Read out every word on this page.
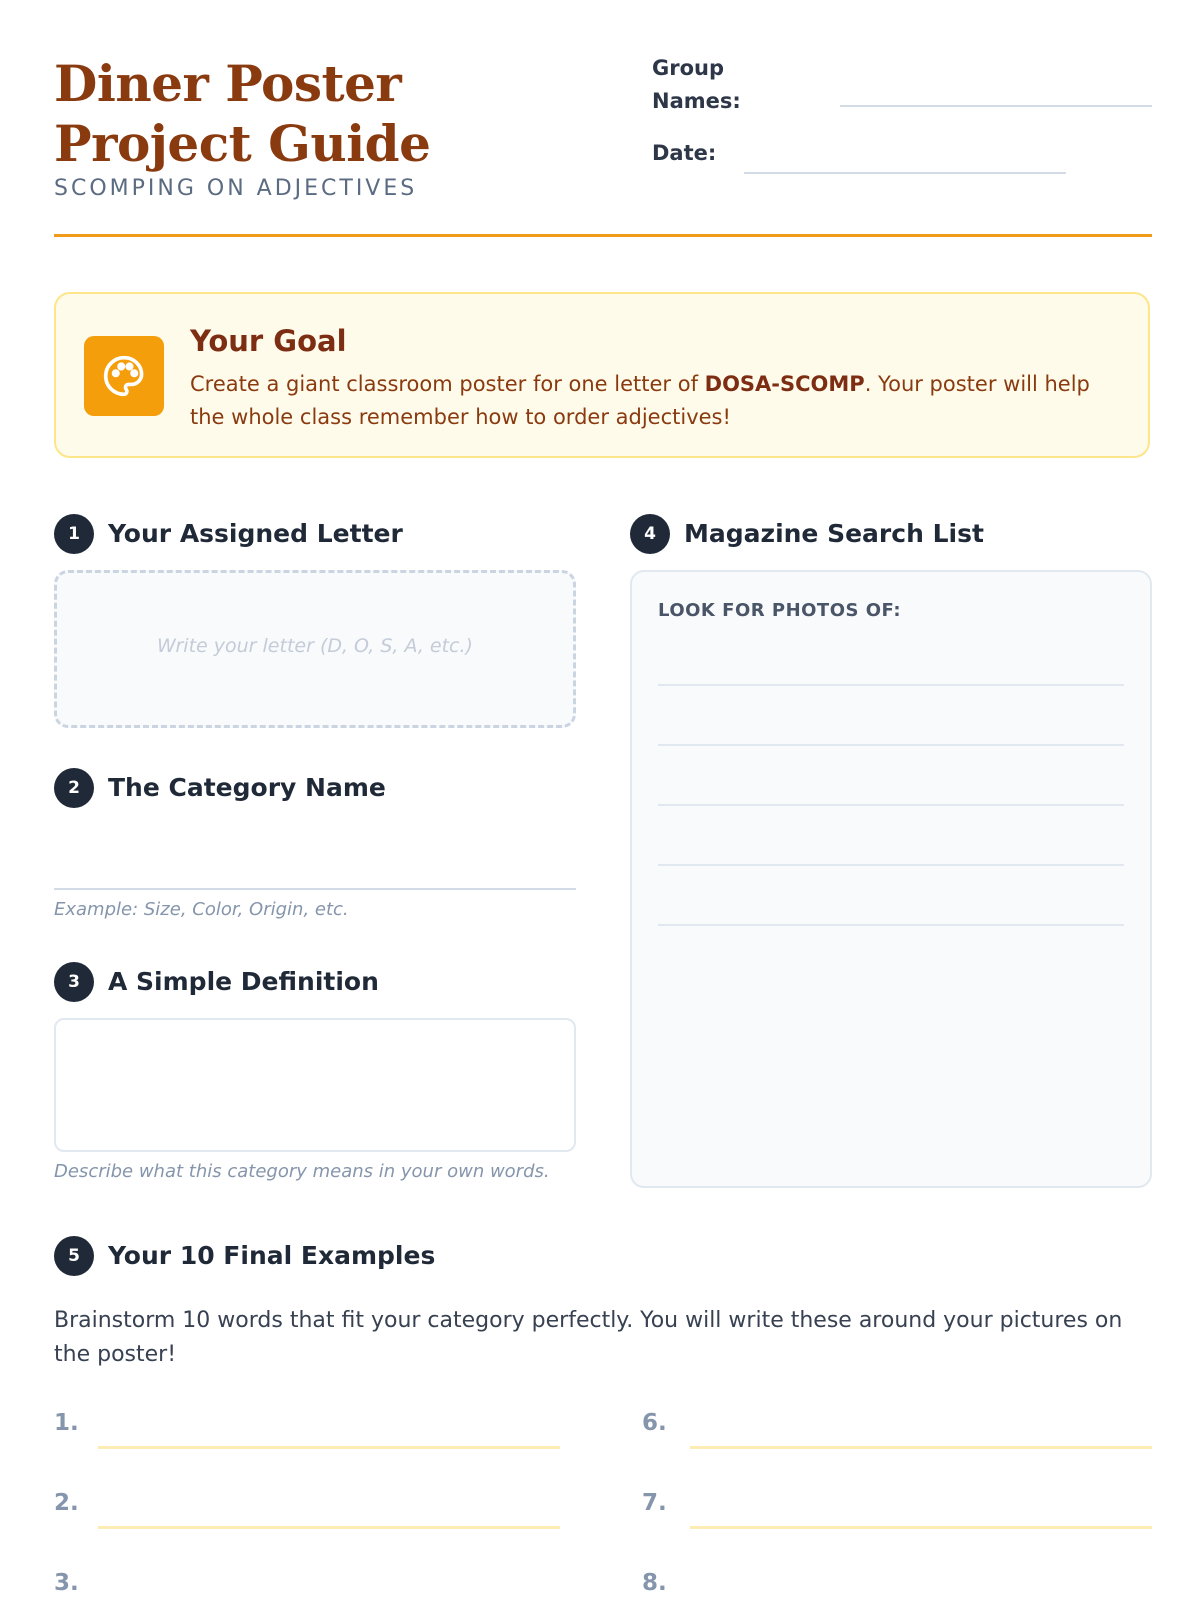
Diner Poster Project Guide

SCOMPING ON ADJECTIVES

Group
Names:
Date:
Your Goal
Create a giant classroom poster for one letter of DOSA-SCOMP. Your poster will help the whole class remember how to order adjectives!
1	Your Assigned Letter
Write your letter (D, O, S, A, etc.)
2	The Category Name
Example: Size, Color, Origin, etc.
3	A Simple Definition
Describe what this category means in your own words.
4	Magazine Search List
LOOK FOR PHOTOS OF:
5	Your 10 Final Examples
Brainstorm 10 words that fit your category perfectly. You will write these around your pictures on the poster!
1.
2.
3.
6.
7.
8.
